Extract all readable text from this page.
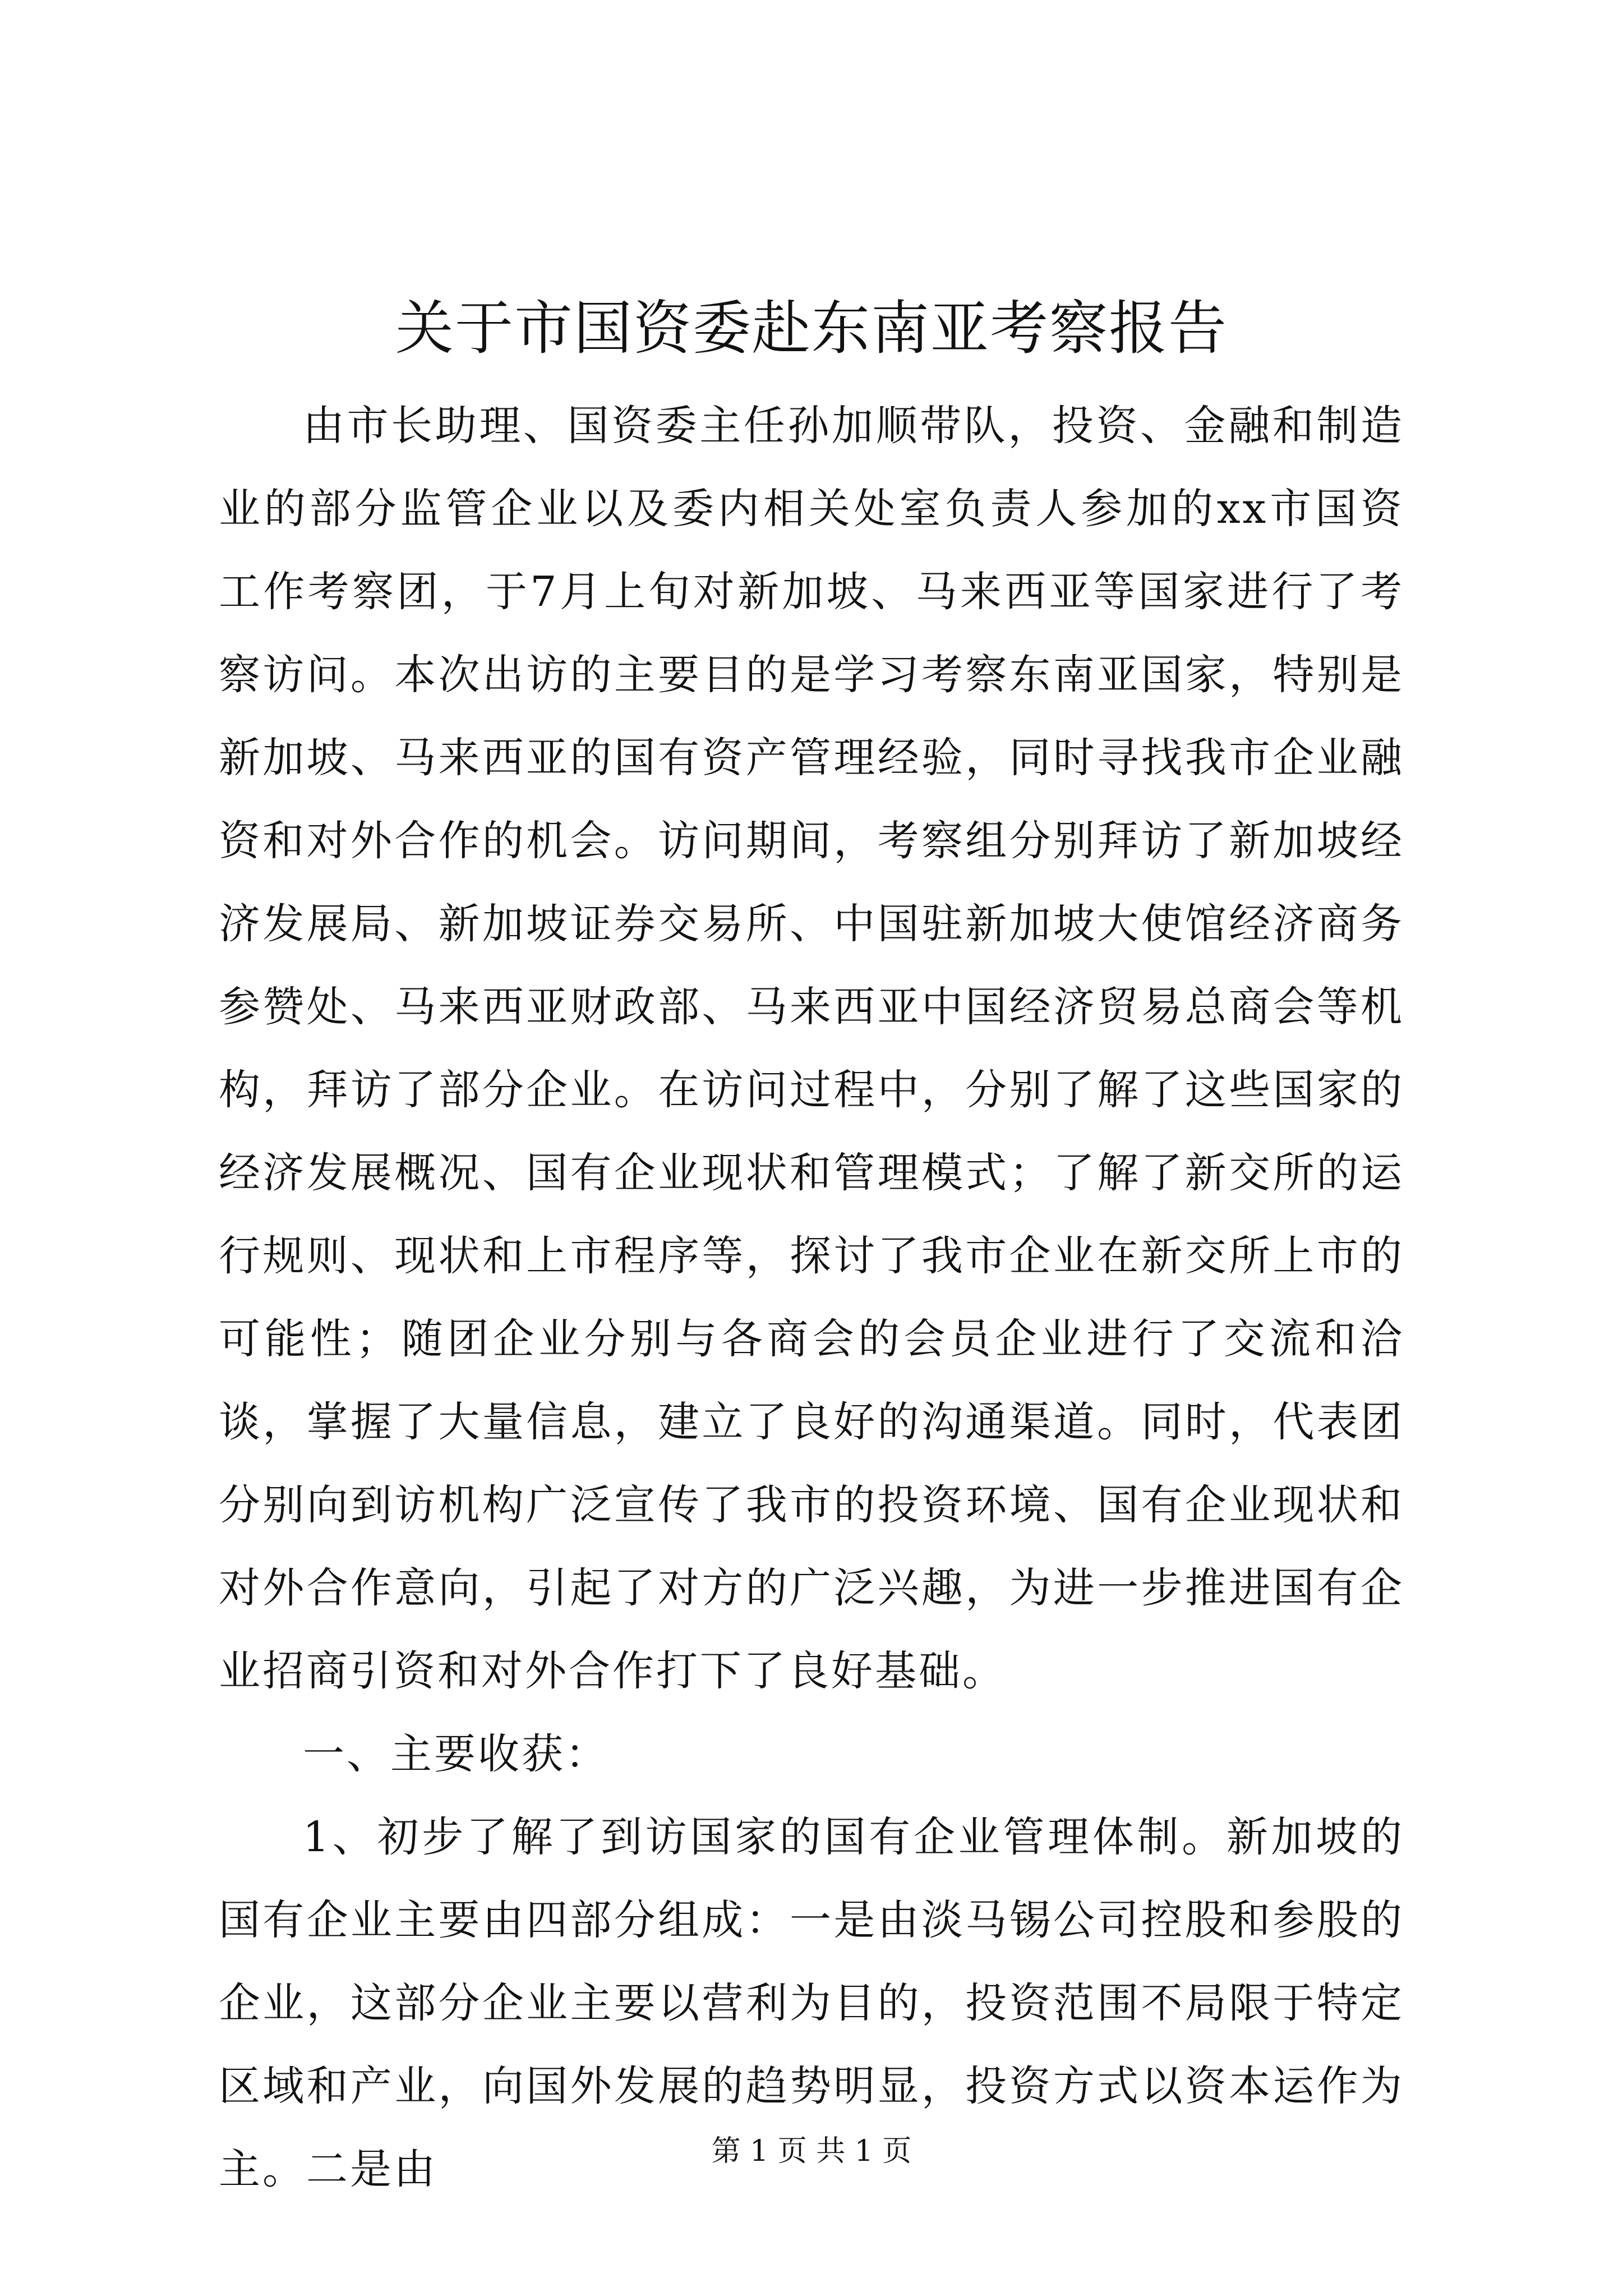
关于市国资委赴东南亚考察报告

由市长助理、国资委主任孙加顺带队，投资、金融和制造业的部分监管企业以及委内相关处室负责人参加的xx市国资工作考察团，于7月上旬对新加坡、马来西亚等国家进行了考察访问。本次出访的主要目的是学习考察东南亚国家，特别是新加坡、马来西亚的国有资产管理经验，同时寻找我市企业融资和对外合作的机会。访问期间，考察组分别拜访了新加坡经济发展局、新加坡证券交易所、中国驻新加坡大使馆经济商务参赞处、马来西亚财政部、马来西亚中国经济贸易总商会等机构，拜访了部分企业。在访问过程中，分别了解了这些国家的经济发展概况、国有企业现状和管理模式；了解了新交所的运行规则、现状和上市程序等，探讨了我市企业在新交所上市的可能性；随团企业分别与各商会的会员企业进行了交流和洽谈，掌握了大量信息，建立了良好的沟通渠道。同时，代表团分别向到访机构广泛宣传了我市的投资环境、国有企业现状和对外合作意向，引起了对方的广泛兴趣，为进一步推进国有企业招商引资和对外合作打下了良好基础。

一、主要收获：

1、初步了解了到访国家的国有企业管理体制。新加坡的国有企业主要由四部分组成：一是由淡马锡公司控股和参股的企业，这部分企业主要以营利为目的，投资范围不局限于特定区域和产业，向国外发展的趋势明显，投资方式以资本运作为主。二是由	第 1 页 共 1 页
